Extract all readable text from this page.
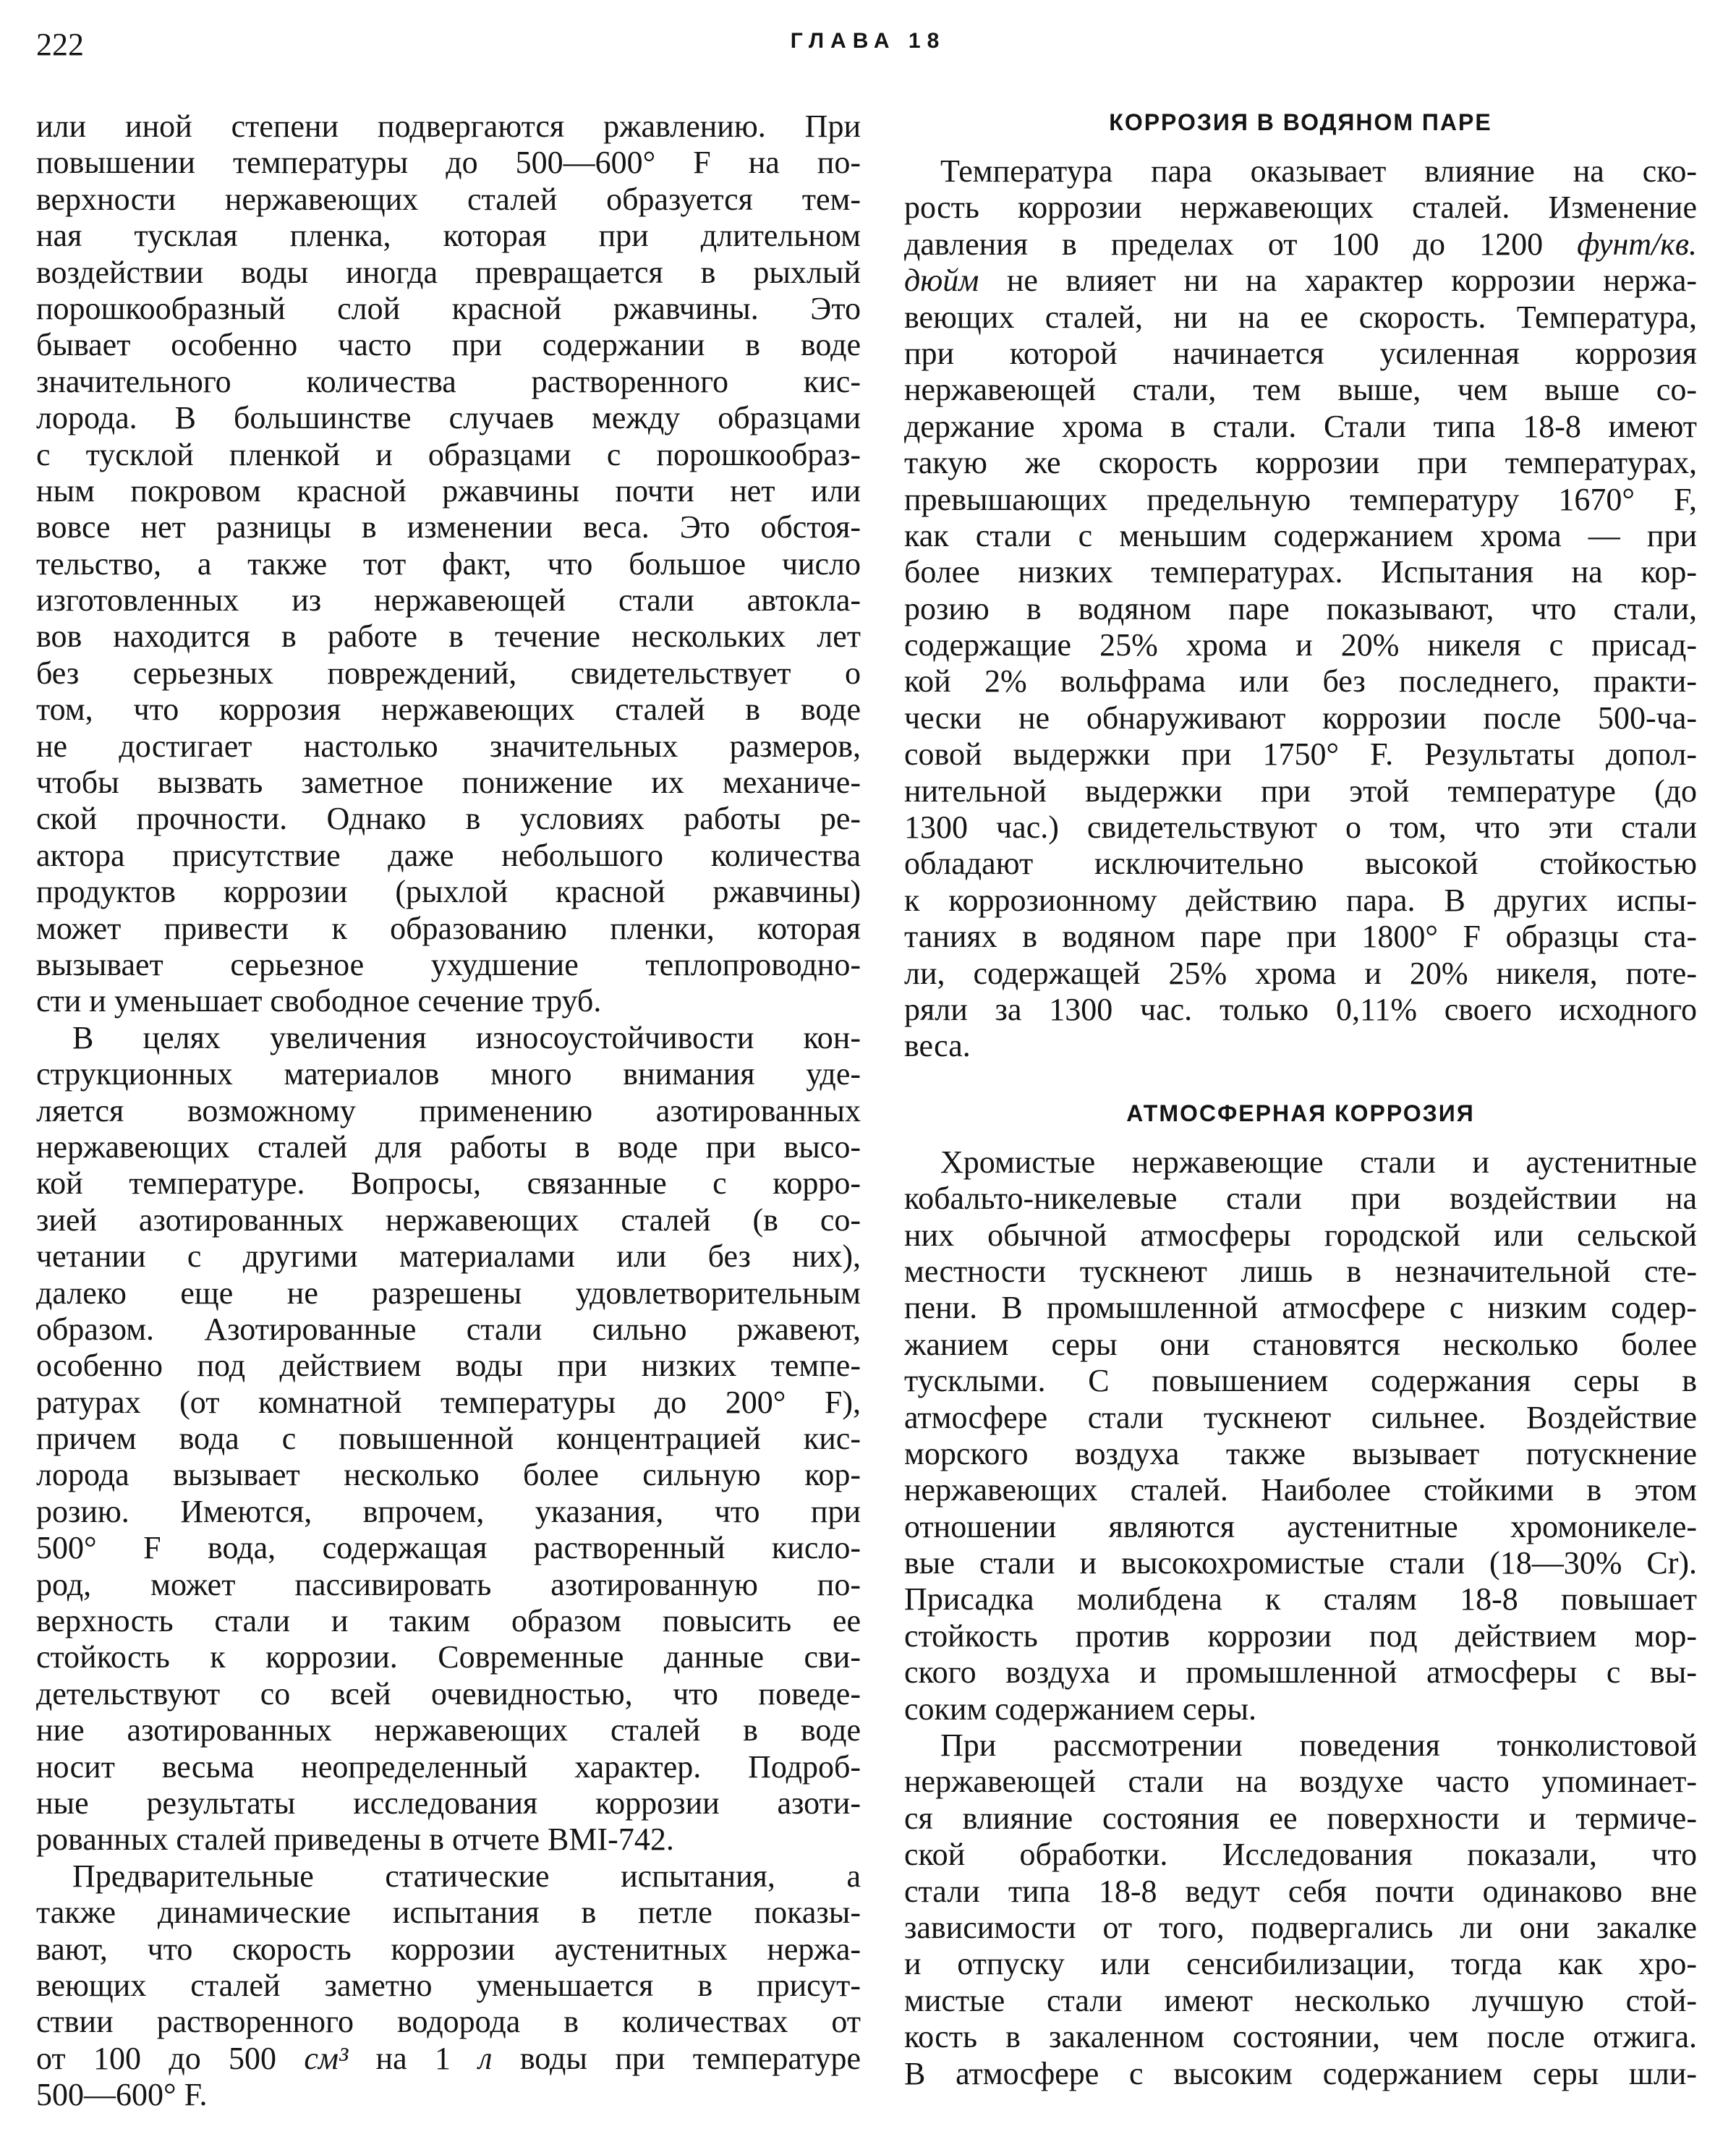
222	ГЛАВА 18
или иной степени подвергаются ржавлению. При
повышении температуры до 500—600° F на по-
верхности нержавеющих сталей образуется тем-
ная тусклая пленка, которая при длительном
воздействии воды иногда превращается в рыхлый
порошкообразный слой красной ржавчины. Это
бывает особенно часто при содержании в воде
значительного количества растворенного кис-
лорода. В большинстве случаев между образцами
с тусклой пленкой и образцами с порошкообраз-
ным покровом красной ржавчины почти нет или
вовсе нет разницы в изменении веса. Это обстоя-
тельство, а также тот факт, что большое число
изготовленных из нержавеющей стали автокла-
вов находится в работе в течение нескольких лет
без серьезных повреждений, свидетельствует о
том, что коррозия нержавеющих сталей в воде
не достигает настолько значительных размеров,
чтобы вызвать заметное понижение их механиче-
ской прочности. Однако в условиях работы ре-
актора присутствие даже небольшого количества
продуктов коррозии (рыхлой красной ржавчины)
может привести к образованию пленки, которая
вызывает серьезное ухудшение теплопроводно-
сти и уменьшает свободное сечение труб.
В целях увеличения износоустойчивости кон-
струкционных материалов много внимания уде-
ляется возможному применению азотированных
нержавеющих сталей для работы в воде при высо-
кой температуре. Вопросы, связанные с корро-
зией азотированных нержавеющих сталей (в со-
четании с другими материалами или без них),
далеко еще не разрешены удовлетворительным
образом. Азотированные стали сильно ржавеют,
особенно под действием воды при низких темпе-
ратурах (от комнатной температуры до 200° F),
причем вода с повышенной концентрацией кис-
лорода вызывает несколько более сильную кор-
розию. Имеются, впрочем, указания, что при
500° F вода, содержащая растворенный кисло-
род, может пассивировать азотированную по-
верхность стали и таким образом повысить ее
стойкость к коррозии. Современные данные сви-
детельствуют со всей очевидностью, что поведе-
ние азотированных нержавеющих сталей в воде
носит весьма неопределенный характер. Подроб-
ные результаты исследования коррозии азоти-
рованных сталей приведены в отчете BMI-742.
Предварительные статические испытания, а
также динамические испытания в петле показы-
вают, что скорость коррозии аустенитных нержа-
веющих сталей заметно уменьшается в присут-
ствии растворенного водорода в количествах от
от 100 до 500 см³ на 1 л воды при температуре
500—600° F.
КОРРОЗИЯ В ВОДЯНОМ ПАРЕ
Температура пара оказывает влияние на ско-
рость коррозии нержавеющих сталей. Изменение
давления в пределах от 100 до 1200 фунт/кв.
дюйм не влияет ни на характер коррозии нержа-
веющих сталей, ни на ее скорость. Температура,
при которой начинается усиленная коррозия
нержавеющей стали, тем выше, чем выше со-
держание хрома в стали. Стали типа 18-8 имеют
такую же скорость коррозии при температурах,
превышающих предельную температуру 1670° F,
как стали с меньшим содержанием хрома — при
более низких температурах. Испытания на кор-
розию в водяном паре показывают, что стали,
содержащие 25% хрома и 20% никеля с присад-
кой 2% вольфрама или без последнего, практи-
чески не обнаруживают коррозии после 500-ча-
совой выдержки при 1750° F. Результаты допол-
нительной выдержки при этой температуре (до
1300 час.) свидетельствуют о том, что эти стали
обладают исключительно высокой стойкостью
к коррозионному действию пара. В других испы-
таниях в водяном паре при 1800° F образцы ста-
ли, содержащей 25% хрома и 20% никеля, поте-
ряли за 1300 час. только 0,11% своего исходного
веса.
АТМОСФЕРНАЯ КОРРОЗИЯ
Хромистые нержавеющие стали и аустенитные
кобальто-никелевые стали при воздействии на
них обычной атмосферы городской или сельской
местности тускнеют лишь в незначительной сте-
пени. В промышленной атмосфере с низким содер-
жанием серы они становятся несколько более
тусклыми. С повышением содержания серы в
атмосфере стали тускнеют сильнее. Воздействие
морского воздуха также вызывает потускнение
нержавеющих сталей. Наиболее стойкими в этом
отношении являются аустенитные хромоникеле-
вые стали и высокохромистые стали (18—30% Cr).
Присадка молибдена к сталям 18-8 повышает
стойкость против коррозии под действием мор-
ского воздуха и промышленной атмосферы с вы-
соким содержанием серы.
При рассмотрении поведения тонколистовой
нержавеющей стали на воздухе часто упоминает-
ся влияние состояния ее поверхности и термиче-
ской обработки. Исследования показали, что
стали типа 18-8 ведут себя почти одинаково вне
зависимости от того, подвергались ли они закалке
и отпуску или сенсибилизации, тогда как хро-
мистые стали имеют несколько лучшую стой-
кость в закаленном состоянии, чем после отжига.
В атмосфере с высоким содержанием серы шли-
